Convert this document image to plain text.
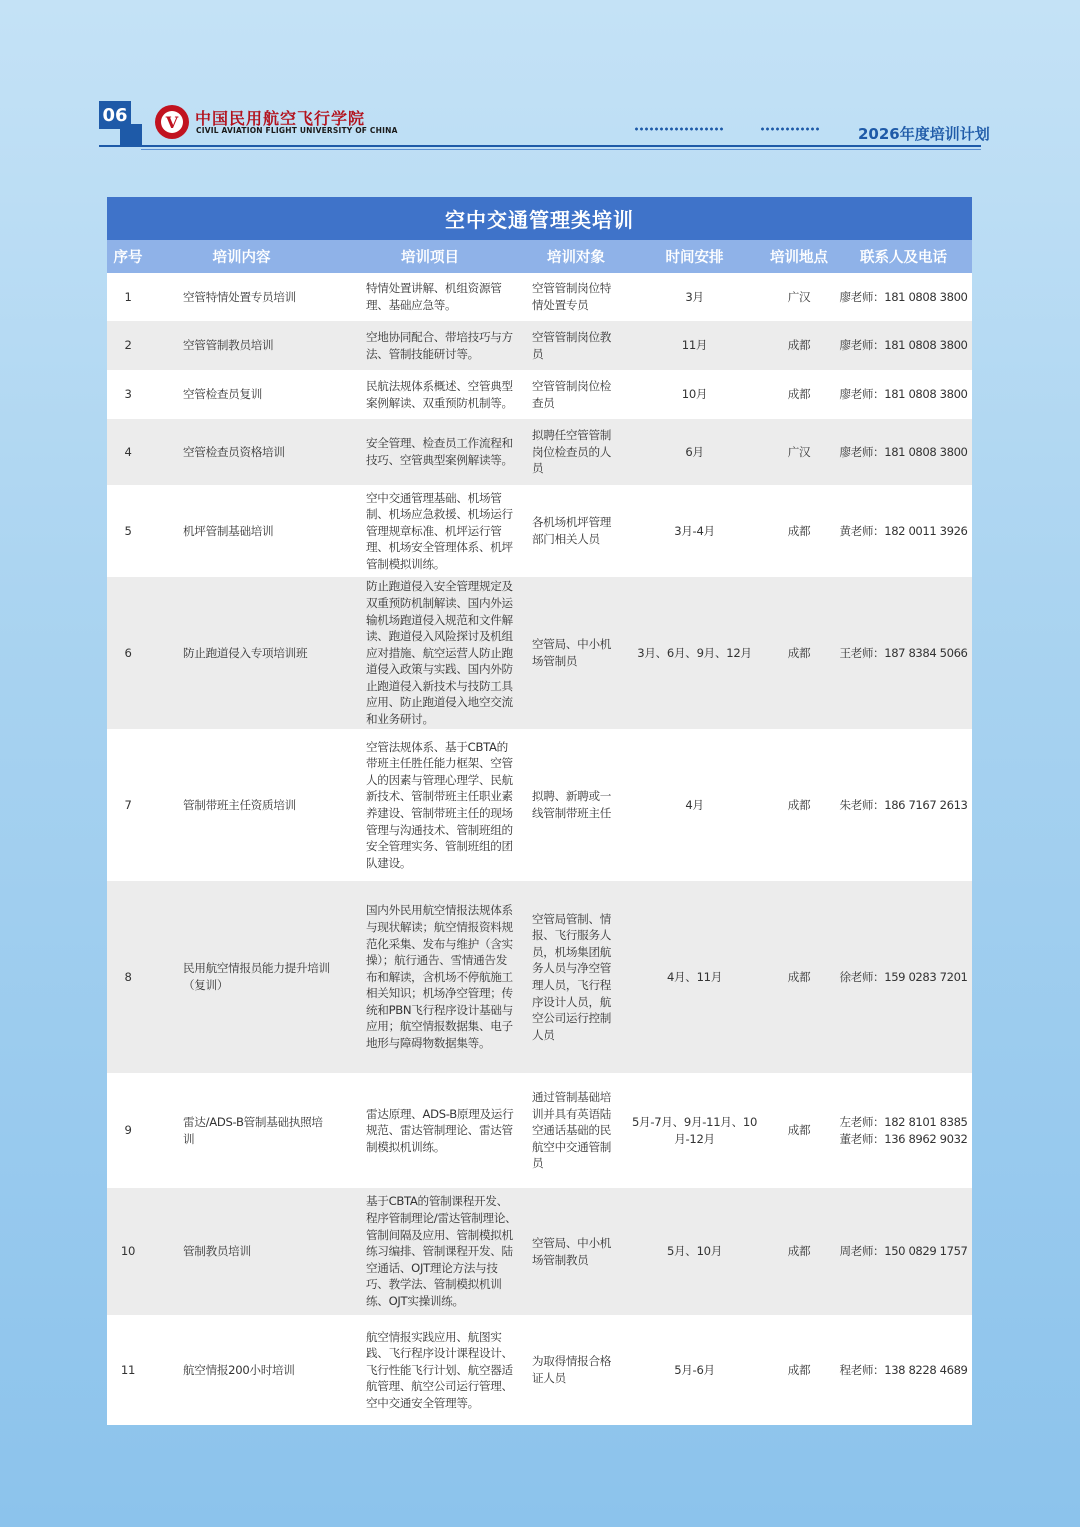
06 V 中国民用航空飞行学院
CIVIL AVIATION FLIGHT UNIVERSITY OF CHINA	2026年度培训计划
空中交通管理类培训
序号	培训内容	培训项目	培训对象	时间安排	培训地点	联系人及电话
1	空管特情处置专员培训	特情处置讲解、机组资源管理、基础应急等。	空管管制岗位特情处置专员	3月	广汉	廖老师：181 0808 3800
2	空管管制教员培训	空地协同配合、带培技巧与方法、管制技能研讨等。	空管管制岗位教员	11月	成都	廖老师：181 0808 3800
3	空管检查员复训	民航法规体系概述、空管典型案例解读、双重预防机制等。	空管管制岗位检查员	10月	成都	廖老师：181 0808 3800
4	空管检查员资格培训	安全管理、检查员工作流程和技巧、空管典型案例解读等。	拟聘任空管管制岗位检查员的人员	6月	广汉	廖老师：181 0808 3800
5	机坪管制基础培训	空中交通管理基础、机场管制、机场应急救援、机场运行管理规章标准、机坪运行管理、机场安全管理体系、机坪管制模拟训练。	各机场机坪管理部门相关人员	3月-4月	成都	黄老师：182 0011 3926
6	防止跑道侵入专项培训班	防止跑道侵入安全管理规定及双重预防机制解读、国内外运输机场跑道侵入规范和文件解读、跑道侵入风险探讨及机组应对措施、航空运营人防止跑道侵入政策与实践、国内外防止跑道侵入新技术与技防工具应用、防止跑道侵入地空交流和业务研讨。	空管局、中小机场管制员	3月、6月、9月、12月	成都	王老师：187 8384 5066
7	管制带班主任资质培训	空管法规体系、基于CBTA的带班主任胜任能力框架、空管人的因素与管理心理学、民航新技术、管制带班主任职业素养建设、管制带班主任的现场管理与沟通技术、管制班组的安全管理实务、管制班组的团队建设。	拟聘、新聘或一线管制带班主任	4月	成都	朱老师：186 7167 2613
8	民用航空情报员能力提升培训（复训）	国内外民用航空情报法规体系与现状解读；航空情报资料规范化采集、发布与维护（含实操）；航行通告、雪情通告发布和解读，含机场不停航施工相关知识；机场净空管理；传统和PBN飞行程序设计基础与应用；航空情报数据集、电子地形与障碍物数据集等。	空管局管制、情报、飞行服务人员，机场集团航务人员与净空管理人员，飞行程序设计人员，航空公司运行控制人员	4月、11月	成都	徐老师：159 0283 7201
9	雷达/ADS-B管制基础执照培训	雷达原理、ADS-B原理及运行规范、雷达管制理论、雷达管制模拟机训练。	通过管制基础培训并具有英语陆空通话基础的民航空中交通管制员	5月-7月、9月-11月、10月-12月	成都	左老师：182 8101 8385
董老师：136 8962 9032
10	管制教员培训	基于CBTA的管制课程开发、程序管制理论/雷达管制理论、管制间隔及应用、管制模拟机练习编排、管制课程开发、陆空通话、OJT理论方法与技巧、教学法、管制模拟机训练、OJT实操训练。	空管局、中小机场管制教员	5月、10月	成都	周老师：150 0829 1757
11	航空情报200小时培训	航空情报实践应用、航图实践、飞行程序设计课程设计、飞行性能飞行计划、航空器适航管理、航空公司运行管理、空中交通安全管理等。	为取得情报合格证人员	5月-6月	成都	程老师：138 8228 4689
